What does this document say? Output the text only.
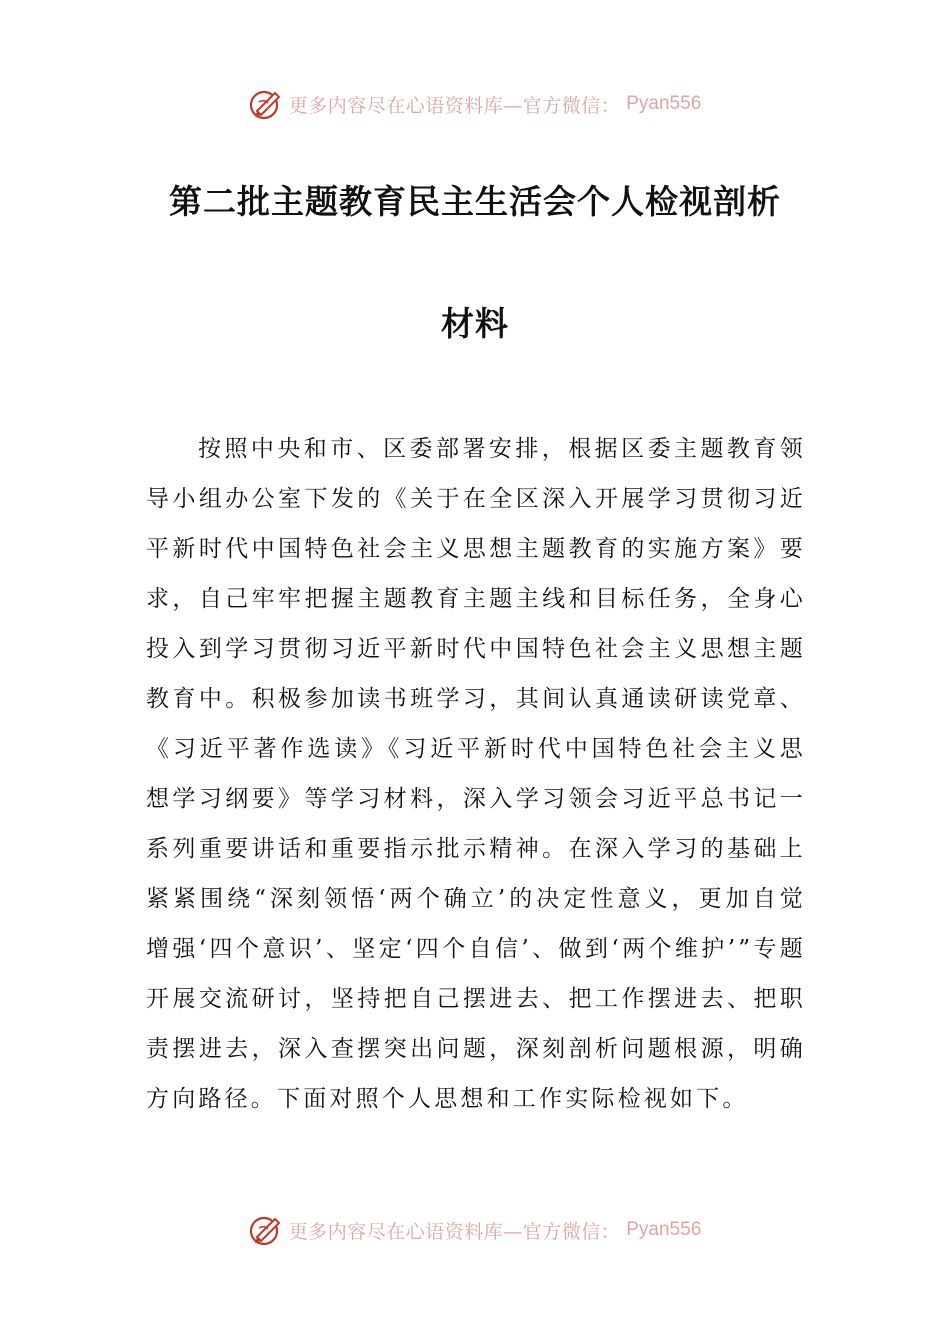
更多内容尽在心语资料库—官方微信： Pyan556
第二批主题教育民主生活会个人检视剖析
材料

按照中央和市、区委部署安排，根据区委主题教育领导小组办公室下发的《关于在全区深入开展学习贯彻习近平新时代中国特色社会主义思想主题教育的实施方案》要求，自己牢牢把握主题教育主题主线和目标任务，全身心投入到学习贯彻习近平新时代中国特色社会主义思想主题教育中。积极参加读书班学习，其间认真通读研读党章、《习近平著作选读》《习近平新时代中国特色社会主义思想学习纲要》等学习材料，深入学习领会习近平总书记一系列重要讲话和重要指示批示精神。在深入学习的基础上紧紧围绕“深刻领悟‘两个确立’的决定性意义，更加自觉增强‘四个意识’、坚定‘四个自信’、做到‘两个维护’”专题开展交流研讨，坚持把自己摆进去、把工作摆进去、把职责摆进去，深入查摆突出问题，深刻剖析问题根源，明确方向路径。下面对照个人思想和工作实际检视如下。

更多内容尽在心语资料库—官方微信： Pyan556
